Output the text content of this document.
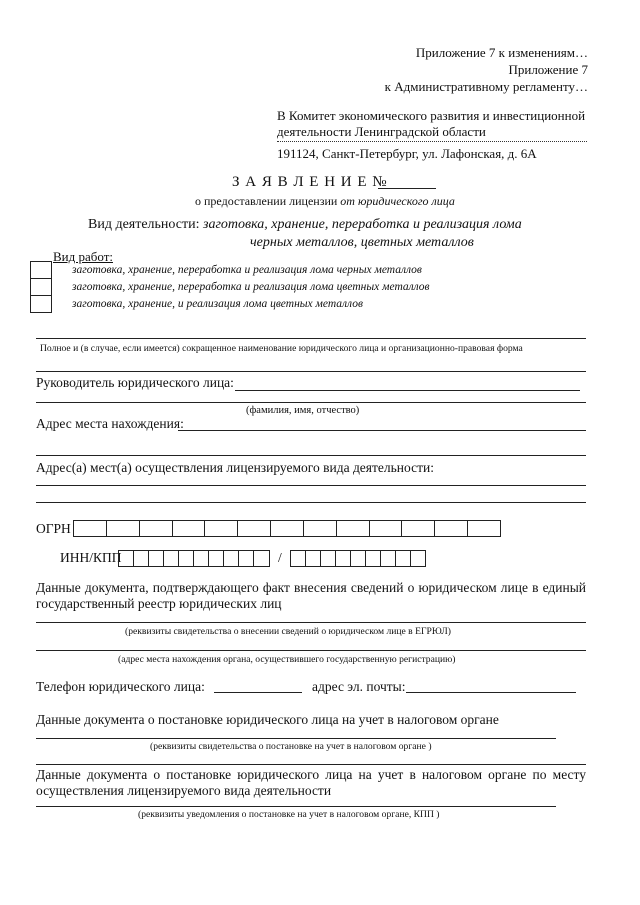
Приложение 7 к изменениям…
Приложение 7
к Административному регламенту…
В Комитет экономического развития и инвестиционной
деятельности Ленинградской области
191124, Санкт-Петербург, ул. Лафонская, д. 6А
З А Я В Л Е Н И Е №
о предоставлении лицензии от юридического лица
Вид деятельности: заготовка, хранение, переработка и реализация лома
черных металлов, цветных металлов
Вид работ:
заготовка, хранение, переработка и реализация лома черных металлов
заготовка, хранение, переработка и реализация лома цветных металлов
заготовка, хранение, и реализация лома цветных металлов
Полное и (в случае, если имеется) сокращенное наименование юридического лица и организационно-правовая форма
Руководитель юридического лица:
(фамилия, имя, отчество)
Адрес места нахождения:
Адрес(а) мест(а) осуществления лицензируемого вида деятельности:
ОГРН
ИНН/КПП	/
Данные документа, подтверждающего факт внесения сведений о юридическом лице в единый государственный реестр юридических лиц
(реквизиты свидетельства о внесении сведений о юридическом лице в ЕГРЮЛ)
(адрес места нахождения органа, осуществившего государственную регистрацию)
Телефон юридического лица:	адрес эл. почты:
Данные документа о постановке юридического лица на учет в налоговом органе
(реквизиты свидетельства о постановке на учет в налоговом органе )
Данные документа о постановке юридического лица на учет в налоговом органе по месту осуществления лицензируемого вида деятельности
(реквизиты уведомления о постановке на учет в налоговом органе, КПП )
